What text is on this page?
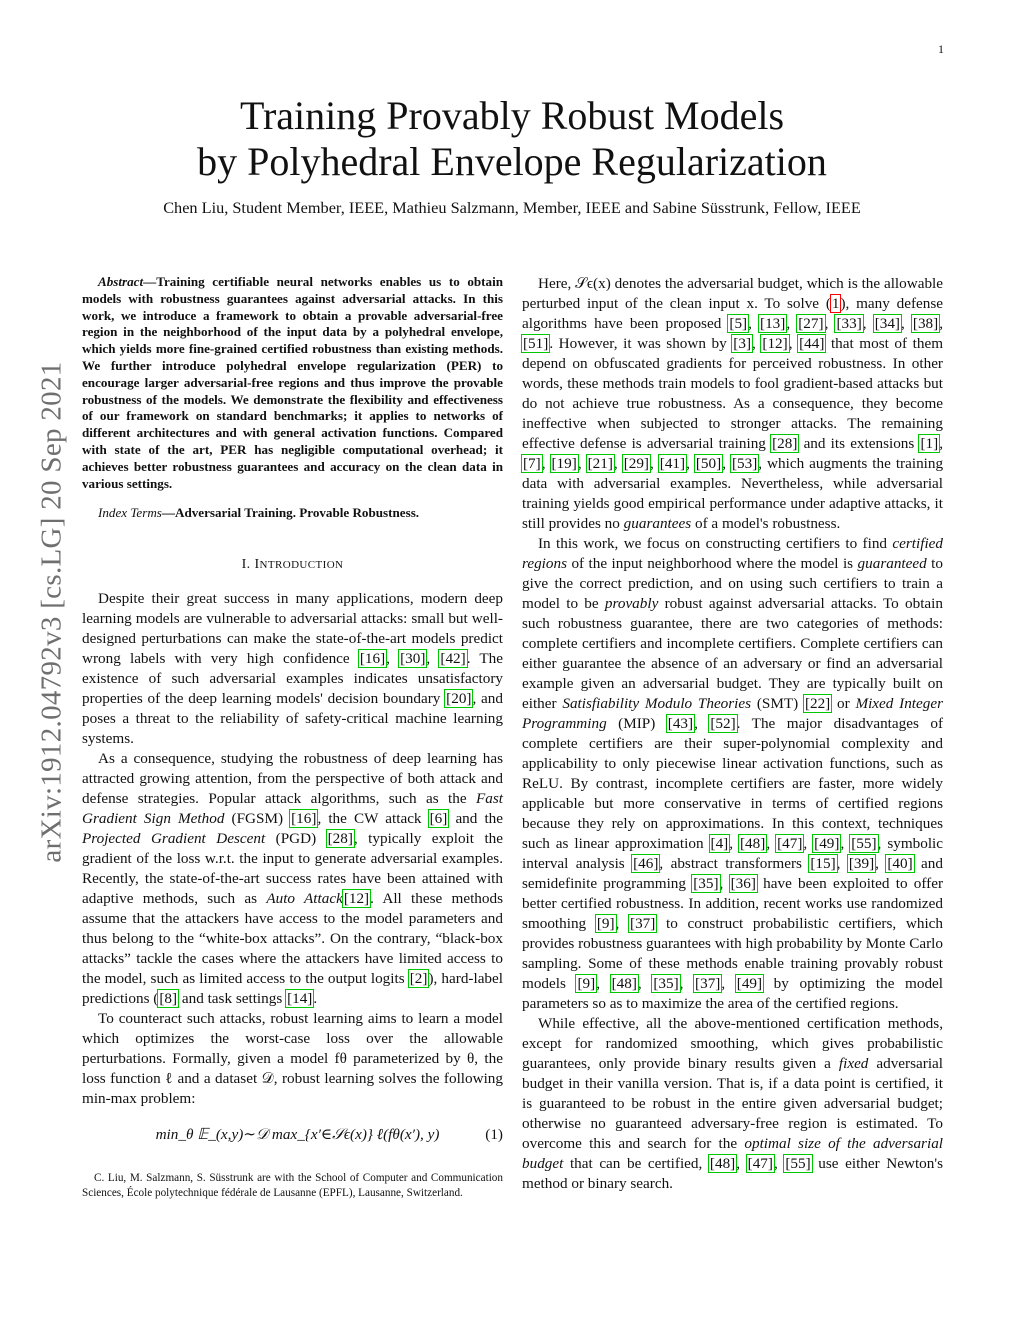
1
arXiv:1912.04792v3 [cs.LG] 20 Sep 2021
Training Provably Robust Models
by Polyhedral Envelope Regularization
Chen Liu, Student Member, IEEE, Mathieu Salzmann, Member, IEEE and Sabine Süsstrunk, Fellow, IEEE

Abstract—Training certifiable neural networks enables us to obtain models with robustness guarantees against adversarial attacks. In this work, we introduce a framework to obtain a provable adversarial-free region in the neighborhood of the input data by a polyhedral envelope, which yields more fine-grained certified robustness than existing methods. We further introduce polyhedral envelope regularization (PER) to encourage larger adversarial-free regions and thus improve the provable robustness of the models. We demonstrate the flexibility and effectiveness of our framework on standard benchmarks; it applies to networks of different architectures and with general activation functions. Compared with state of the art, PER has negligible computational overhead; it achieves better robustness guarantees and accuracy on the clean data in various settings.

Index Terms—Adversarial Training. Provable Robustness.

I. INTRODUCTION

Despite their great success in many applications, modern deep learning models are vulnerable to adversarial attacks: small but well-designed perturbations can make the state-of-the-art models predict wrong labels with very high confidence [16], [30], [42]. The existence of such adversarial examples indicates unsatisfactory properties of the deep learning models' decision boundary [20], and poses a threat to the reliability of safety-critical machine learning systems.

As a consequence, studying the robustness of deep learning has attracted growing attention, from the perspective of both attack and defense strategies. Popular attack algorithms, such as the Fast Gradient Sign Method (FGSM) [16], the CW attack [6] and the Projected Gradient Descent (PGD) [28], typically exploit the gradient of the loss w.r.t. the input to generate adversarial examples. Recently, the state-of-the-art success rates have been attained with adaptive methods, such as Auto Attack[12]. All these methods assume that the attackers have access to the model parameters and thus belong to the “white-box attacks”. On the contrary, “black-box attacks” tackle the cases where the attackers have limited access to the model, such as limited access to the output logits [2]), hard-label predictions ([8] and task settings [14].

To counteract such attacks, robust learning aims to learn a model which optimizes the worst-case loss over the allowable perturbations. Formally, given a model fθ parameterized by θ, the loss function ℓ and a dataset 𝒟, robust learning solves the following min-max problem:

min_θ 𝔼_(x,y)∼𝒟 max_{x′∈𝒮ϵ(x)} ℓ(fθ(x′), y)	(1)

C. Liu, M. Salzmann, S. Süsstrunk are with the School of Computer and Communication Sciences, École polytechnique fédérale de Lausanne (EPFL), Lausanne, Switzerland.

Here, 𝒮ϵ(x) denotes the adversarial budget, which is the allowable perturbed input of the clean input x. To solve (1), many defense algorithms have been proposed [5], [13], [27], [33], [34], [38], [51]. However, it was shown by [3], [12], [44] that most of them depend on obfuscated gradients for perceived robustness. In other words, these methods train models to fool gradient-based attacks but do not achieve true robustness. As a consequence, they become ineffective when subjected to stronger attacks. The remaining effective defense is adversarial training [28] and its extensions [1], [7], [19], [21], [29], [41], [50], [53], which augments the training data with adversarial examples. Nevertheless, while adversarial training yields good empirical performance under adaptive attacks, it still provides no guarantees of a model's robustness.

In this work, we focus on constructing certifiers to find certified regions of the input neighborhood where the model is guaranteed to give the correct prediction, and on using such certifiers to train a model to be provably robust against adversarial attacks. To obtain such robustness guarantee, there are two categories of methods: complete certifiers and incomplete certifiers. Complete certifiers can either guarantee the absence of an adversary or find an adversarial example given an adversarial budget. They are typically built on either Satisfiability Modulo Theories (SMT) [22] or Mixed Integer Programming (MIP) [43], [52]. The major disadvantages of complete certifiers are their super-polynomial complexity and applicability to only piecewise linear activation functions, such as ReLU. By contrast, incomplete certifiers are faster, more widely applicable but more conservative in terms of certified regions because they rely on approximations. In this context, techniques such as linear approximation [4], [48], [47], [49], [55], symbolic interval analysis [46], abstract transformers [15], [39], [40] and semidefinite programming [35], [36] have been exploited to offer better certified robustness. In addition, recent works use randomized smoothing [9], [37] to construct probabilistic certifiers, which provides robustness guarantees with high probability by Monte Carlo sampling. Some of these methods enable training provably robust models [9], [48], [35], [37], [49] by optimizing the model parameters so as to maximize the area of the certified regions.

While effective, all the above-mentioned certification methods, except for randomized smoothing, which gives probabilistic guarantees, only provide binary results given a fixed adversarial budget in their vanilla version. That is, if a data point is certified, it is guaranteed to be robust in the entire given adversarial budget; otherwise no guaranteed adversary-free region is estimated. To overcome this and search for the optimal size of the adversarial budget that can be certified, [48], [47], [55] use either Newton's method or binary search.
